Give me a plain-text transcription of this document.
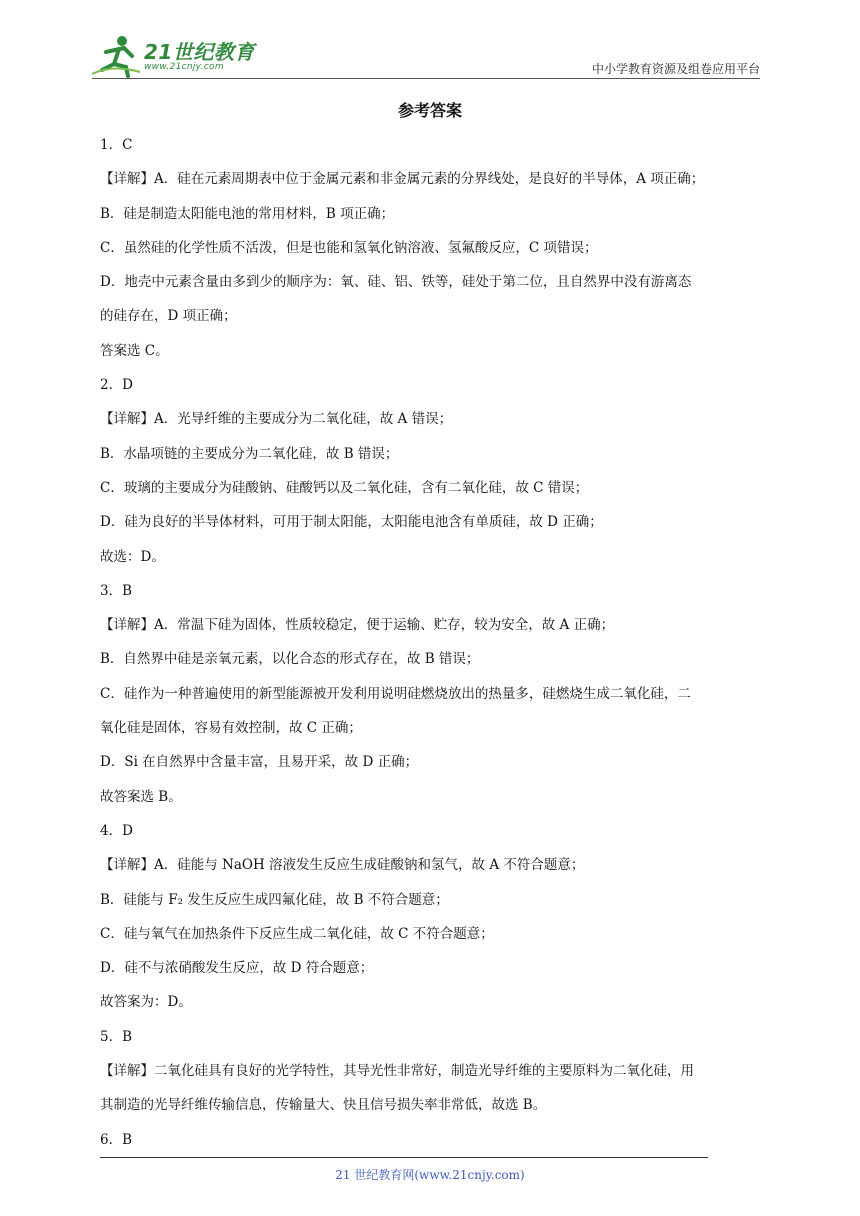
21世纪教育
www.21cnjy.com	中小学教育资源及组卷应用平台
参考答案
1．C
【详解】A．硅在元素周期表中位于金属元素和非金属元素的分界线处，是良好的半导体，A 项正确；
B．硅是制造太阳能电池的常用材料，B 项正确；
C．虽然硅的化学性质不活泼，但是也能和氢氧化钠溶液、氢氟酸反应，C 项错误；
D．地壳中元素含量由多到少的顺序为：氧、硅、铝、铁等，硅处于第二位，且自然界中没有游离态
的硅存在，D 项正确；
答案选 C。
2．D
【详解】A．光导纤维的主要成分为二氧化硅，故 A 错误；
B．水晶项链的主要成分为二氧化硅，故 B 错误；
C．玻璃的主要成分为硅酸钠、硅酸钙以及二氧化硅，含有二氧化硅，故 C 错误；
D．硅为良好的半导体材料，可用于制太阳能，太阳能电池含有单质硅，故 D 正确；
故选：D。
3．B
【详解】A．常温下硅为固体，性质较稳定，便于运输、贮存，较为安全，故 A 正确；
B．自然界中硅是亲氧元素，以化合态的形式存在，故 B 错误；
C．硅作为一种普遍使用的新型能源被开发利用说明硅燃烧放出的热量多，硅燃烧生成二氧化硅，二
氧化硅是固体，容易有效控制，故 C 正确；
D．Si 在自然界中含量丰富，且易开采，故 D 正确；
故答案选 B。
4．D
【详解】A．硅能与 NaOH 溶液发生反应生成硅酸钠和氢气，故 A 不符合题意；
B．硅能与 F₂ 发生反应生成四氟化硅，故 B 不符合题意；
C．硅与氧气在加热条件下反应生成二氧化硅，故 C 不符合题意；
D．硅不与浓硝酸发生反应，故 D 符合题意；
故答案为：D。
5．B
【详解】二氧化硅具有良好的光学特性，其导光性非常好，制造光导纤维的主要原料为二氧化硅，用
其制造的光导纤维传输信息，传输量大、快且信号损失率非常低，故选 B。
6．B
21 世纪教育网(www.21cnjy.com)
